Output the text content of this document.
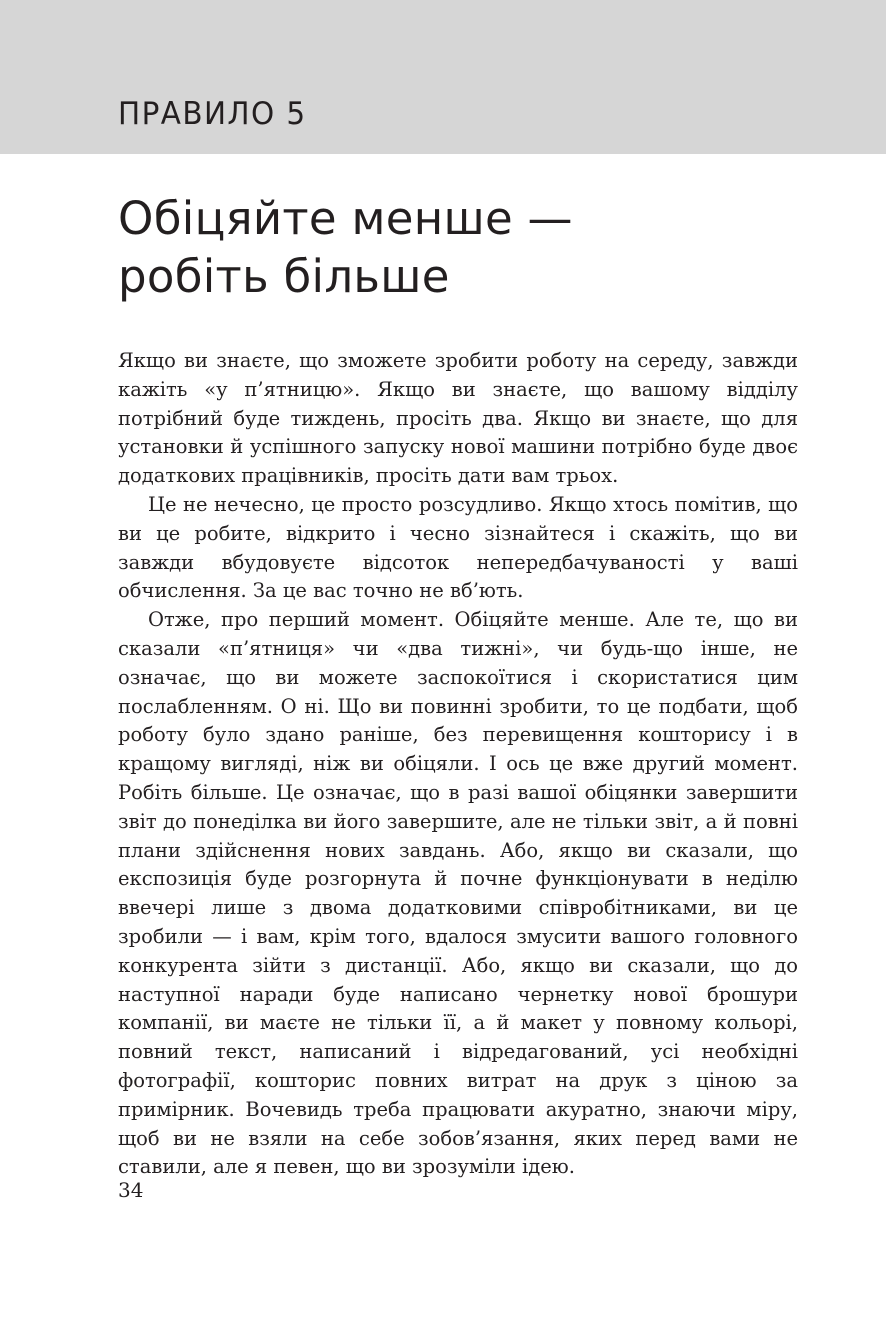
ПРАВИЛО 5
Обіцяйте менше —
робіть більше

Якщо ви знаєте, що зможете зробити роботу на середу, завжди кажіть «у п’ятницю». Якщо ви знаєте, що вашому відділу потрібний буде тиждень, просіть два. Якщо ви знаєте, що для установки й успішного запуску нової машини потрібно буде двоє додаткових працівників, просіть дати вам трьох.

Це не нечесно, це просто розсудливо. Якщо хтось помітив, що ви це робите, відкрито і чесно зізнайтеся і скажіть, що ви завжди вбудовуєте відсоток непередбачуваності у ваші обчислення. За це вас точно не вб’ють.

Отже, про перший момент. Обіцяйте менше. Але те, що ви сказали «п’ятниця» чи «два тижні», чи будь-що інше, не означає, що ви можете заспокоїтися і скористатися цим послабленням. О ні. Що ви повинні зробити, то це подбати, щоб роботу було здано раніше, без перевищення кошторису і в кращому вигляді, ніж ви обіцяли. І ось це вже другий момент. Робіть більше. Це означає, що в разі вашої обіцянки завершити звіт до понеділка ви його завершите, але не тільки звіт, а й повні плани здійснення нових завдань. Або, якщо ви сказали, що експозиція буде розгорнута й почне функціонувати в неділю ввечері лише з двома додатковими співробітниками, ви це зробили — і вам, крім того, вдалося змусити вашого головного конкурента зійти з дистанції. Або, якщо ви сказали, що до наступної наради буде написано чернетку нової брошури компанії, ви маєте не тільки її, а й макет у повному кольорі, повний текст, написаний і відредагований, усі необхідні фотографії, кошторис повних витрат на друк з ціною за примірник. Вочевидь треба працювати акуратно, знаючи міру, щоб ви не взяли на себе зобов’язання, яких перед вами не ставили, але я певен, що ви зрозуміли ідею.

34
